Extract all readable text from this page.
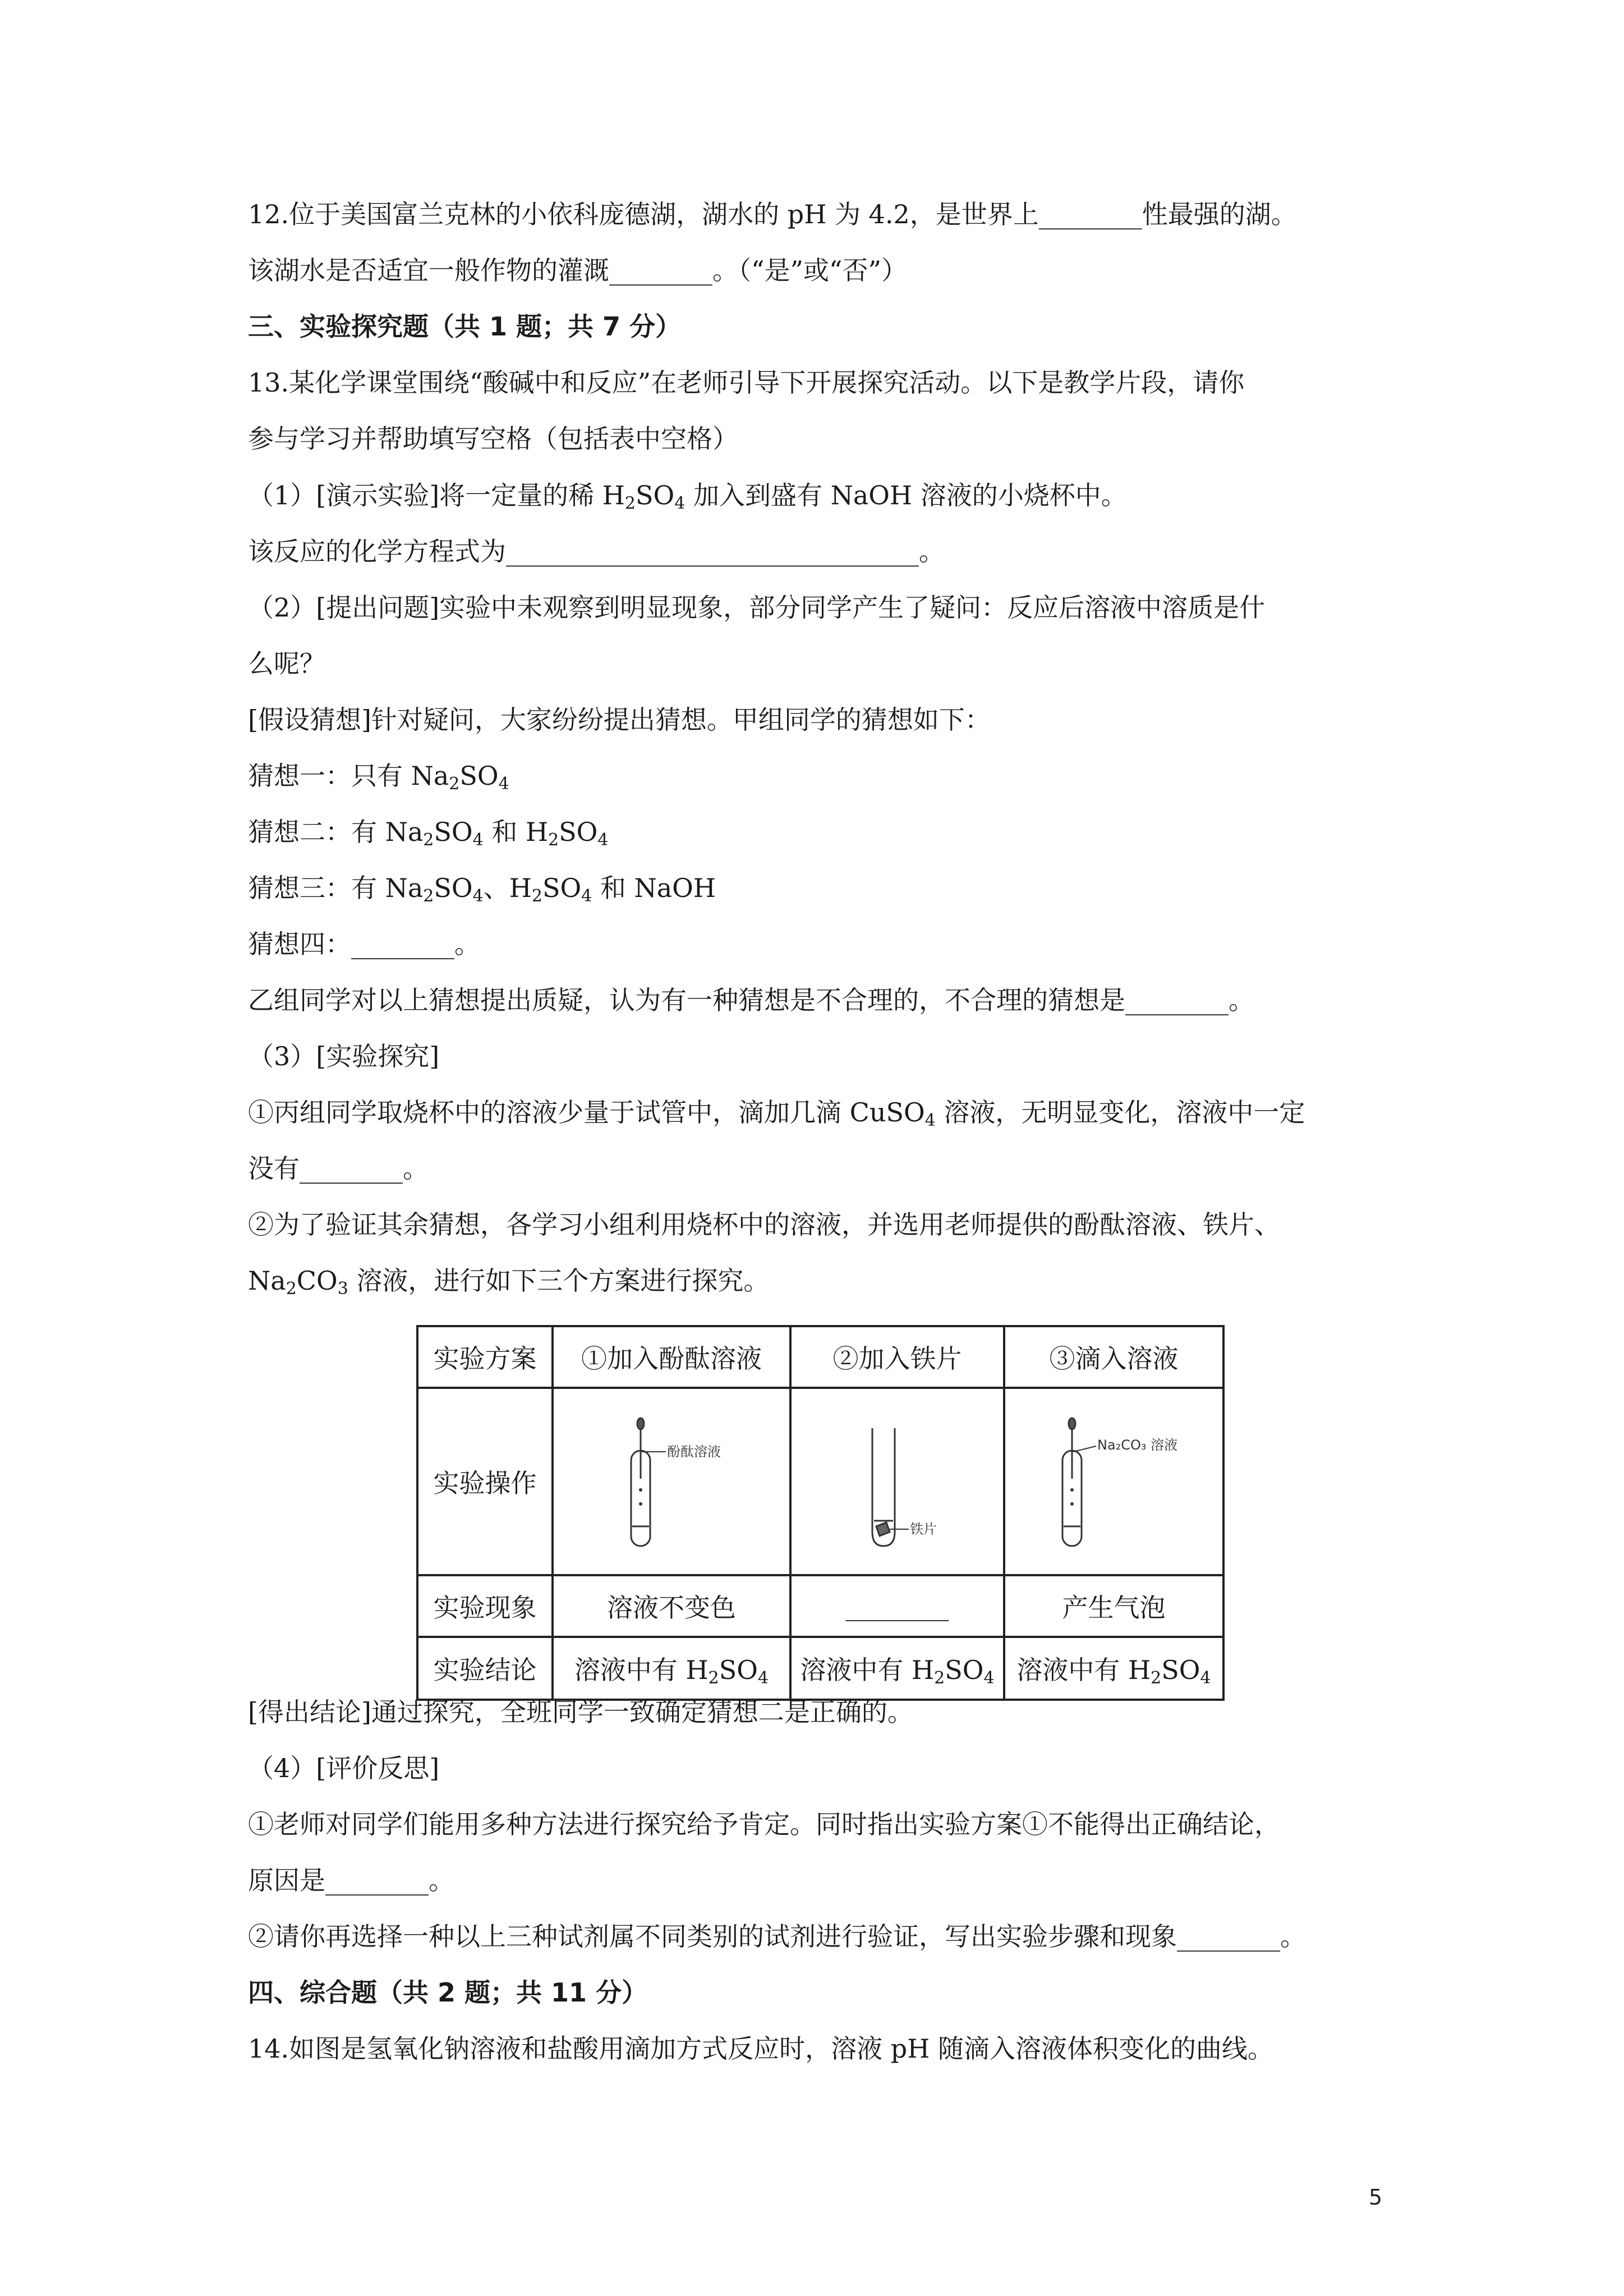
12.位于美国富兰克林的小依科庞德湖，湖水的 pH 为 4.2，是世界上________性最强的湖。
该湖水是否适宜一般作物的灌溉________。（“是”或“否”）
三、实验探究题（共 1 题；共 7 分）
13.某化学课堂围绕“酸碱中和反应”在老师引导下开展探究活动。以下是教学片段，请你
参与学习并帮助填写空格（包括表中空格）
（1）[演示实验]将一定量的稀 $H_2SO_4$ 加入到盛有 NaOH 溶液的小烧杯中。
该反应的化学方程式为________________________________。
（2）[提出问题]实验中未观察到明显现象，部分同学产生了疑问：反应后溶液中溶质是什
么呢？
[假设猜想]针对疑问，大家纷纷提出猜想。甲组同学的猜想如下：
猜想一：只有 $Na_2SO_4$
猜想二：有 $Na_2SO_4$ 和 $H_2SO_4$
猜想三：有 $Na_2SO_4$、$H_2SO_4$ 和 NaOH
猜想四：________。
乙组同学对以上猜想提出质疑，认为有一种猜想是不合理的，不合理的猜想是________。
（3）[实验探究]
①丙组同学取烧杯中的溶液少量于试管中，滴加几滴 CuSO$_4$ 溶液，无明显变化，溶液中一定
没有________。
②为了验证其余猜想，各学习小组利用烧杯中的溶液，并选用老师提供的酚酞溶液、铁片、
$Na_2CO_3$ 溶液，进行如下三个方案进行探究。
实验方案	①加入酚酞溶液	②加入铁片	③滴入溶液
实验操作	酚酞溶液	铁片	Na₂CO₃ 溶液

实验现象	溶液不变色	________	产生气泡
实验结论	溶液中有 $H_2SO_4$	溶液中有 $H_2SO_4$	溶液中有 $H_2SO_4$
[得出结论]通过探究，全班同学一致确定猜想二是正确的。
（4）[评价反思]
①老师对同学们能用多种方法进行探究给予肯定。同时指出实验方案①不能得出正确结论，
原因是________。
②请你再选择一种以上三种试剂属不同类别的试剂进行验证，写出实验步骤和现象________。
四、综合题（共 2 题；共 11 分）
14.如图是氢氧化钠溶液和盐酸用滴加方式反应时，溶液 pH 随滴入溶液体积变化的曲线。
5
